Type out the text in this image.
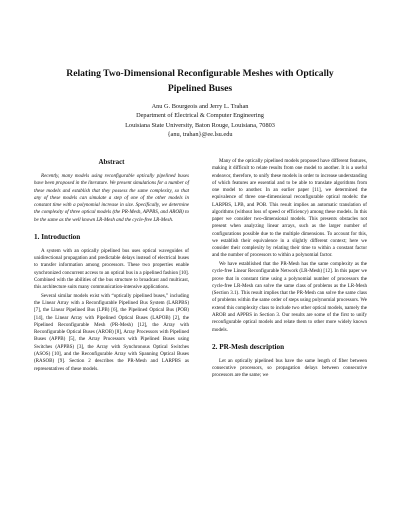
Relating Two-Dimensional Reconfigurable Meshes with Optically
Pipelined Buses
Anu G. Bourgeois and Jerry L. Trahan
Department of Electrical & Computer Engineering
Louisiana State University, Baton Rouge, Louisiana, 70803
{anu, trahan}@ee.lsu.edu
Abstract

Recently, many models using reconfigurable optically pipelined buses have been proposed in the literature. We present simulations for a number of these models and establish that they possess the same complexity, so that any of these models can simulate a step of one of the other models in constant time with a polynomial increase in size. Specifically, we determine the complexity of three optical models (the PR-Mesh, APPBS, and AROB) to be the same as the well known LR-Mesh and the cycle-free LR-Mesh.

1. Introduction

A system with an optically pipelined bus uses optical waveguides of unidirectional propagation and predictable delays instead of electrical buses to transfer information among processors. These two properties enable synchronized concurrent access to an optical bus in a pipelined fashion [10]. Combined with the abilities of the bus structure to broadcast and multicast, this architecture suits many communication-intensive applications.

Several similar models exist with “optically pipelined buses,” including the Linear Array with a Reconfigurable Pipelined Bus System (LARPBS) [7], the Linear Pipelined Bus (LPB) [6], the Pipelined Optical Bus (POB) [14], the Linear Array with Pipelined Optical Buses (LAPOB) [2], the Pipelined Reconfigurable Mesh (PR-Mesh) [12], the Array with Reconfigurable Optical Buses (AROB) [8], Array Processors with Pipelined Buses (APPB) [5], the Array Processors with Pipelined Buses using Switches (APPBS) [3], the Array with Synchronous Optical Switches (ASOS) [10], and the Reconfigurable Array with Spanning Optical Buses (RASOB) [9]. Section 2 describes the PR-Mesh and LARPBS as representatives of these models.

Many of the optically pipelined models proposed have different features, making it difficult to relate results from one model to another. It is a useful endeavor, therefore, to unify these models in order to increase understanding of which features are essential and to be able to translate algorithms from one model to another. In an earlier paper [11], we determined the equivalence of three one-dimensional reconfigurable optical models: the LARPBS, LPB, and POB. This result implies an automatic translation of algorithms (without loss of speed or efficiency) among these models. In this paper we consider two-dimensional models. This presents obstacles not present when analyzing linear arrays, such as the larger number of configurations possible due to the multiple dimensions. To account for this, we establish their equivalence in a slightly different context; here we consider their complexity by relating their time to within a constant factor and the number of processors to within a polynomial factor.

We have established that the PR-Mesh has the same complexity as the cycle-free Linear Reconfigurable Network (LR-Mesh) [12]. In this paper we prove that in constant time using a polynomial number of processors the cycle-free LR-Mesh can solve the same class of problems as the LR-Mesh (Section 3.1). This result implies that the PR-Mesh can solve the same class of problems within the same order of steps using polynomial processors. We extend this complexity class to include two other optical models, namely the AROB and APPBS in Section 3. Our results are some of the first to unify reconfigurable optical models and relate them to other more widely known models.

2. PR-Mesh description

Let an optically pipelined bus have the same length of fiber between consecutive processors, so propagation delays between consecutive processors are the same; we
